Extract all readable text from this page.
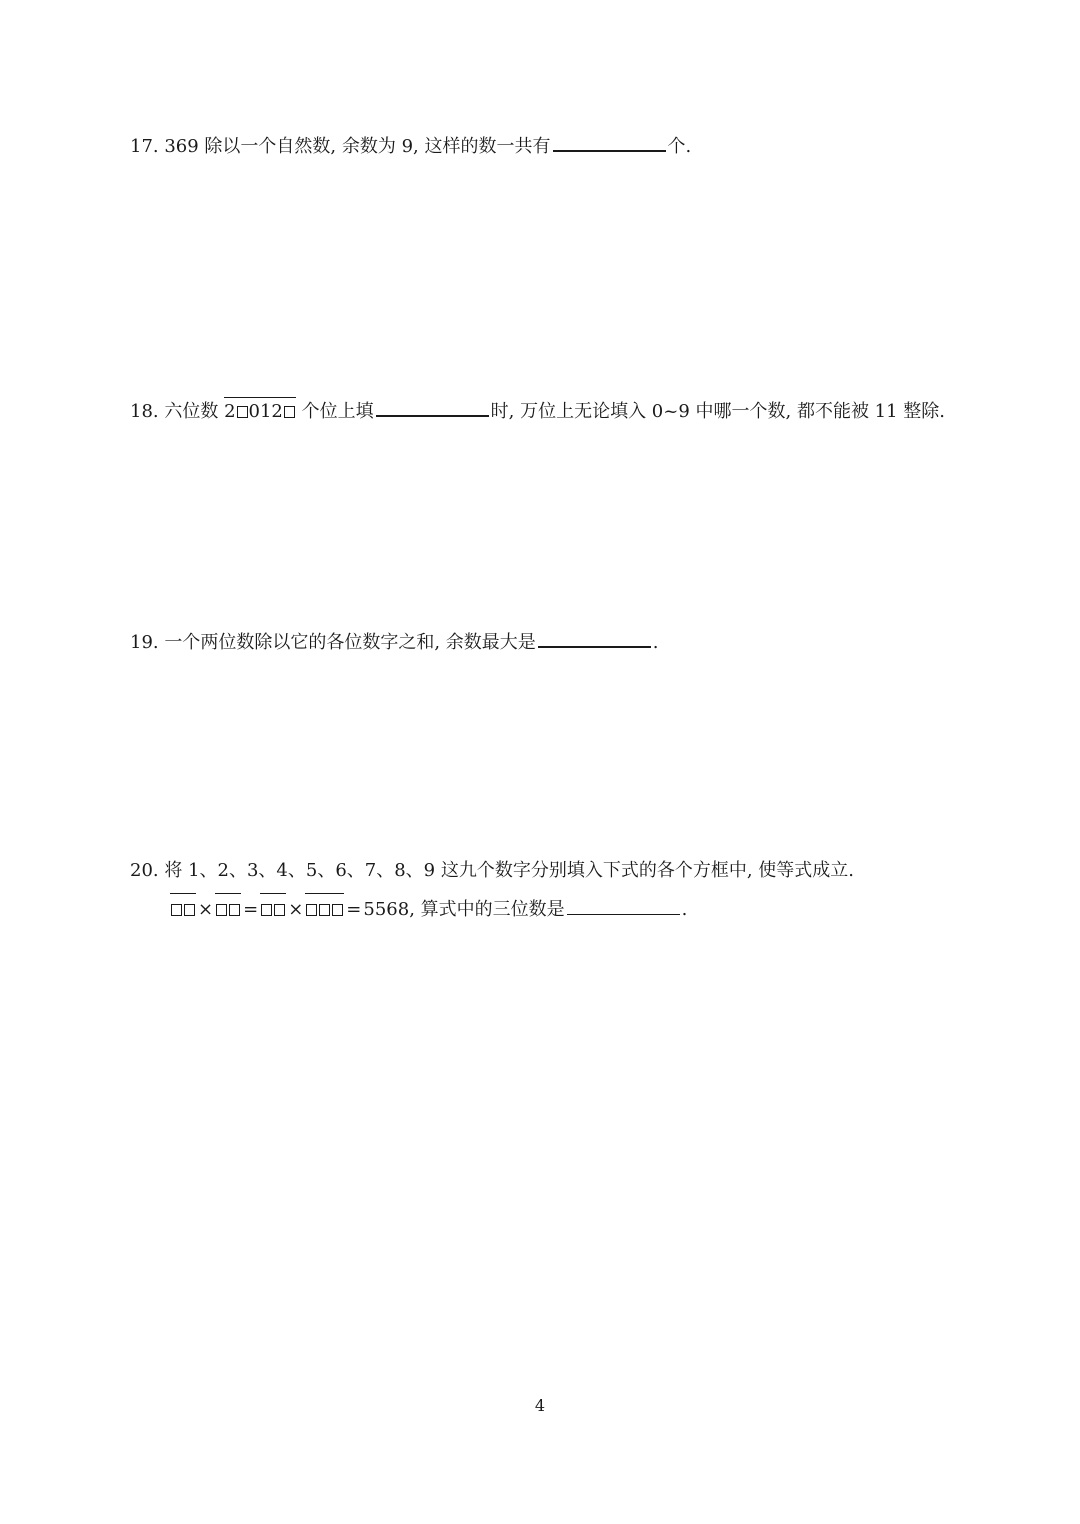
17. 369 除以一个自然数, 余数为 9, 这样的数一共有	个.
18. 六位数 2 012 个位上填	时, 万位上无论填入 0~9 中哪一个数, 都不能被 11 整除.
19. 一个两位数除以它的各位数字之和, 余数最大是	.
20. 将 1、2、3、4、5、6、7、8、9 这九个数字分别填入下式的各个方框中, 使等式成立.
× = × = 5568, 算式中的三位数是	.
4
